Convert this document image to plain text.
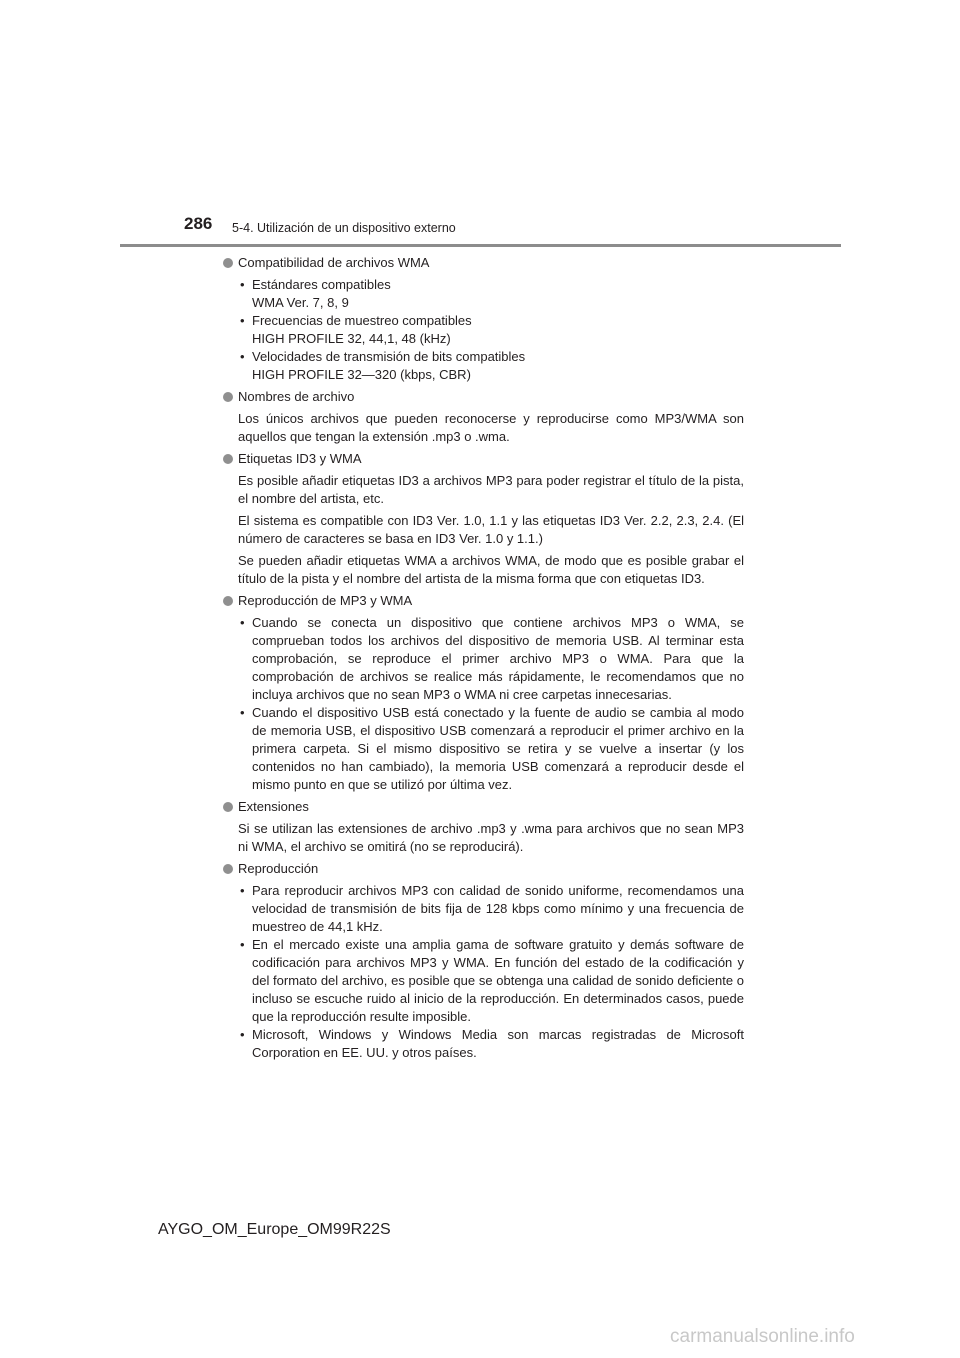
286 5-4. Utilización de un dispositivo externo
Compatibilidad de archivos WMA
• Estándares compatibles
WMA Ver. 7, 8, 9
• Frecuencias de muestreo compatibles
HIGH PROFILE 32, 44,1, 48 (kHz)
• Velocidades de transmisión de bits compatibles
HIGH PROFILE 32—320 (kbps, CBR)
Nombres de archivo

Los únicos archivos que pueden reconocerse y reproducirse como MP3/WMA son aquellos que tengan la extensión .mp3 o .wma.

Etiquetas ID3 y WMA

Es posible añadir etiquetas ID3 a archivos MP3 para poder registrar el título de la pista, el nombre del artista, etc.

El sistema es compatible con ID3 Ver. 1.0, 1.1 y las etiquetas ID3 Ver. 2.2, 2.3, 2.4. (El número de caracteres se basa en ID3 Ver. 1.0 y 1.1.)

Se pueden añadir etiquetas WMA a archivos WMA, de modo que es posible grabar el título de la pista y el nombre del artista de la misma forma que con etiquetas ID3.

Reproducción de MP3 y WMA
• Cuando se conecta un dispositivo que contiene archivos MP3 o WMA, se comprueban todos los archivos del dispositivo de memoria USB. Al terminar esta comprobación, se reproduce el primer archivo MP3 o WMA. Para que la comprobación de archivos se realice más rápidamente, le recomendamos que no incluya archivos que no sean MP3 o WMA ni cree carpetas innecesarias.
• Cuando el dispositivo USB está conectado y la fuente de audio se cambia al modo de memoria USB, el dispositivo USB comenzará a reproducir el primer archivo en la primera carpeta. Si el mismo dispositivo se retira y se vuelve a insertar (y los contenidos no han cambiado), la memoria USB comenzará a reproducir desde el mismo punto en que se utilizó por última vez.
Extensiones

Si se utilizan las extensiones de archivo .mp3 y .wma para archivos que no sean MP3 ni WMA, el archivo se omitirá (no se reproducirá).

Reproducción
• Para reproducir archivos MP3 con calidad de sonido uniforme, recomendamos una velocidad de transmisión de bits fija de 128 kbps como mínimo y una frecuencia de muestreo de 44,1 kHz.
• En el mercado existe una amplia gama de software gratuito y demás software de codificación para archivos MP3 y WMA. En función del estado de la codificación y del formato del archivo, es posible que se obtenga una calidad de sonido deficiente o incluso se escuche ruido al inicio de la reproducción. En determinados casos, puede que la reproducción resulte imposible.
• Microsoft, Windows y Windows Media son marcas registradas de Microsoft Corporation en EE. UU. y otros países.
AYGO_OM_Europe_OM99R22S
carmanualsonline.info
